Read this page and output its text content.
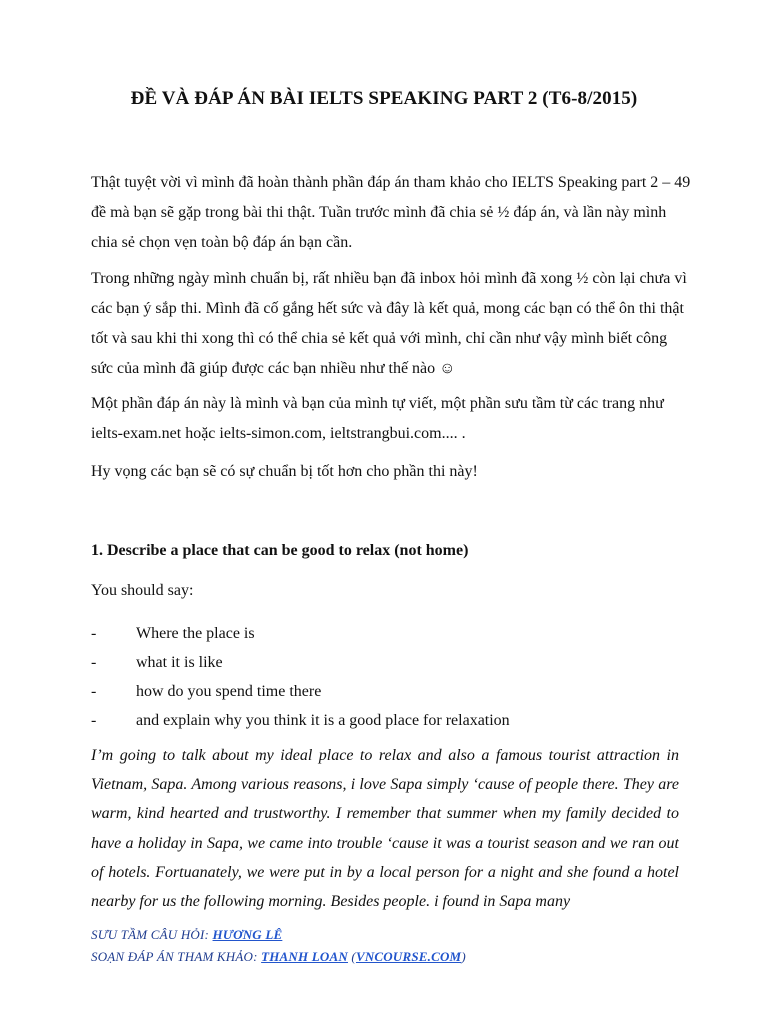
ĐỀ VÀ ĐÁP ÁN BÀI IELTS SPEAKING PART 2 (T6-8/2015)
Thật tuyệt vời vì mình đã hoàn thành phần đáp án tham khảo cho IELTS Speaking part 2 – 49 đề mà bạn sẽ gặp trong bài thi thật. Tuần trước mình đã chia sẻ ½ đáp án, và lần này mình chia sẻ chọn vẹn toàn bộ đáp án bạn cần.
Trong những ngày mình chuẩn bị, rất nhiều bạn đã inbox hỏi mình đã xong ½ còn lại chưa vì các bạn ý sắp thi. Mình đã cố gắng hết sức và đây là kết quả, mong các bạn có thể ôn thi thật tốt và sau khi thi xong thì có thể chia sẻ kết quả với mình, chỉ cần như vậy mình biết công sức của mình đã giúp được các bạn nhiều như thế nào ☺
Một phần đáp án này là mình và bạn của mình tự viết, một phần sưu tầm từ các trang như ielts-exam.net hoặc ielts-simon.com, ieltstrangbui.com.... .
Hy vọng các bạn sẽ có sự chuẩn bị tốt hơn cho phần thi này!
1. Describe a place that can be good to relax (not home)
You should say:
- Where the place is
- what it is like
- how do you spend time there
- and explain why you think it is a good place for relaxation
I’m going to talk about my ideal place to relax and also a famous tourist attraction in Vietnam, Sapa. Among various reasons, i love Sapa simply ‘cause of people there. They are warm, kind hearted and trustworthy. I remember that summer when my family decided to have a holiday in Sapa, we came into trouble ‘cause it was a tourist season and we ran out of hotels. Fortuanately, we were put in by a local person for a night and she found a hotel nearby for us the following morning. Besides people. i found in Sapa many
SƯU TẦM CÂU HỎI: HƯƠNG LÊ
SOẠN ĐÁP ÁN THAM KHẢO: THANH LOAN (VNCOURSE.COM)
